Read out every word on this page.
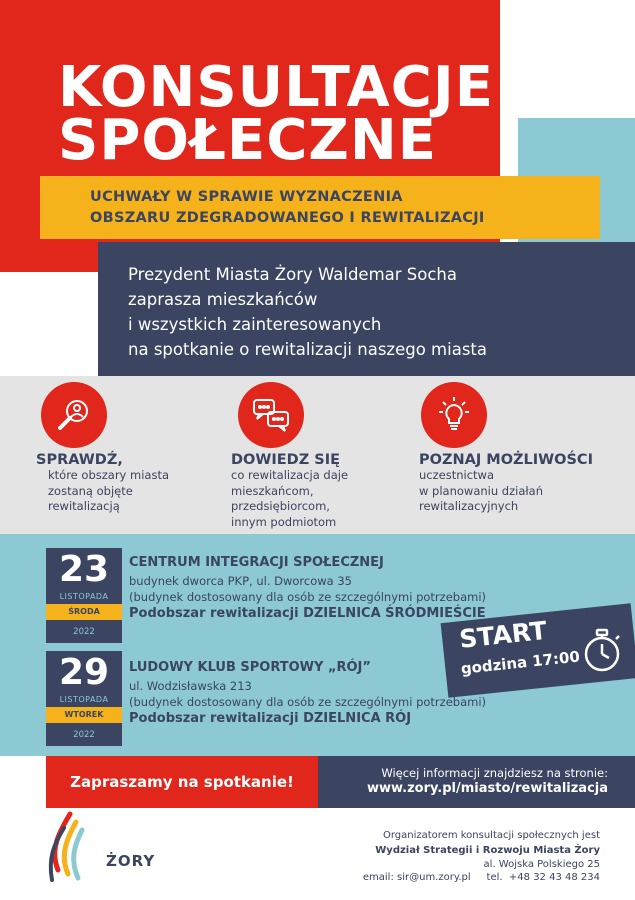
KONSULTACJE
SPOŁECZNE
UCHWAŁY W SPRAWIE WYZNACZENIA
OBSZARU ZDEGRADOWANEGO I REWITALIZACJI
Prezydent Miasta Żory Waldemar Socha
zaprasza mieszkańców
i wszystkich zainteresowanych
na spotkanie o rewitalizacji naszego miasta
SPRAWDŹ,
które obszary miasta
zostaną objęte
rewitalizacją
DOWIEDZ SIĘ
co rewitalizacja daje
mieszkańcom,
przedsiębiorcom,
innym podmiotom
POZNAJ MOŻLIWOŚCI
uczestnictwa
w planowaniu działań
rewitalizacyjnych
23
LISTOPADA
ŚRODA
2022
CENTRUM INTEGRACJI SPOŁECZNEJ
budynek dworca PKP, ul. Dworcowa 35
(budynek dostosowany dla osób ze szczególnymi potrzebami)
Podobszar rewitalizacji DZIELNICA ŚRÓDMIEŚCIE
29
LISTOPADA
WTOREK
2022
LUDOWY KLUB SPORTOWY „RÓJ”
ul. Wodzisławska 213
(budynek dostosowany dla osób ze szczególnymi potrzebami)
Podobszar rewitalizacji DZIELNICA RÓJ
START
godzina 17:00
Zapraszamy na spotkanie!	Więcej informacji znajdziesz na stronie:
www.zory.pl/miasto/rewitalizacja
ŻORY
Organizatorem konsultacji społecznych jest
Wydział Strategii i Rozwoju Miasta Żory
al. Wojska Polskiego 25
email: sir@um.zory.pl     tel.  +48 32 43 48 234
